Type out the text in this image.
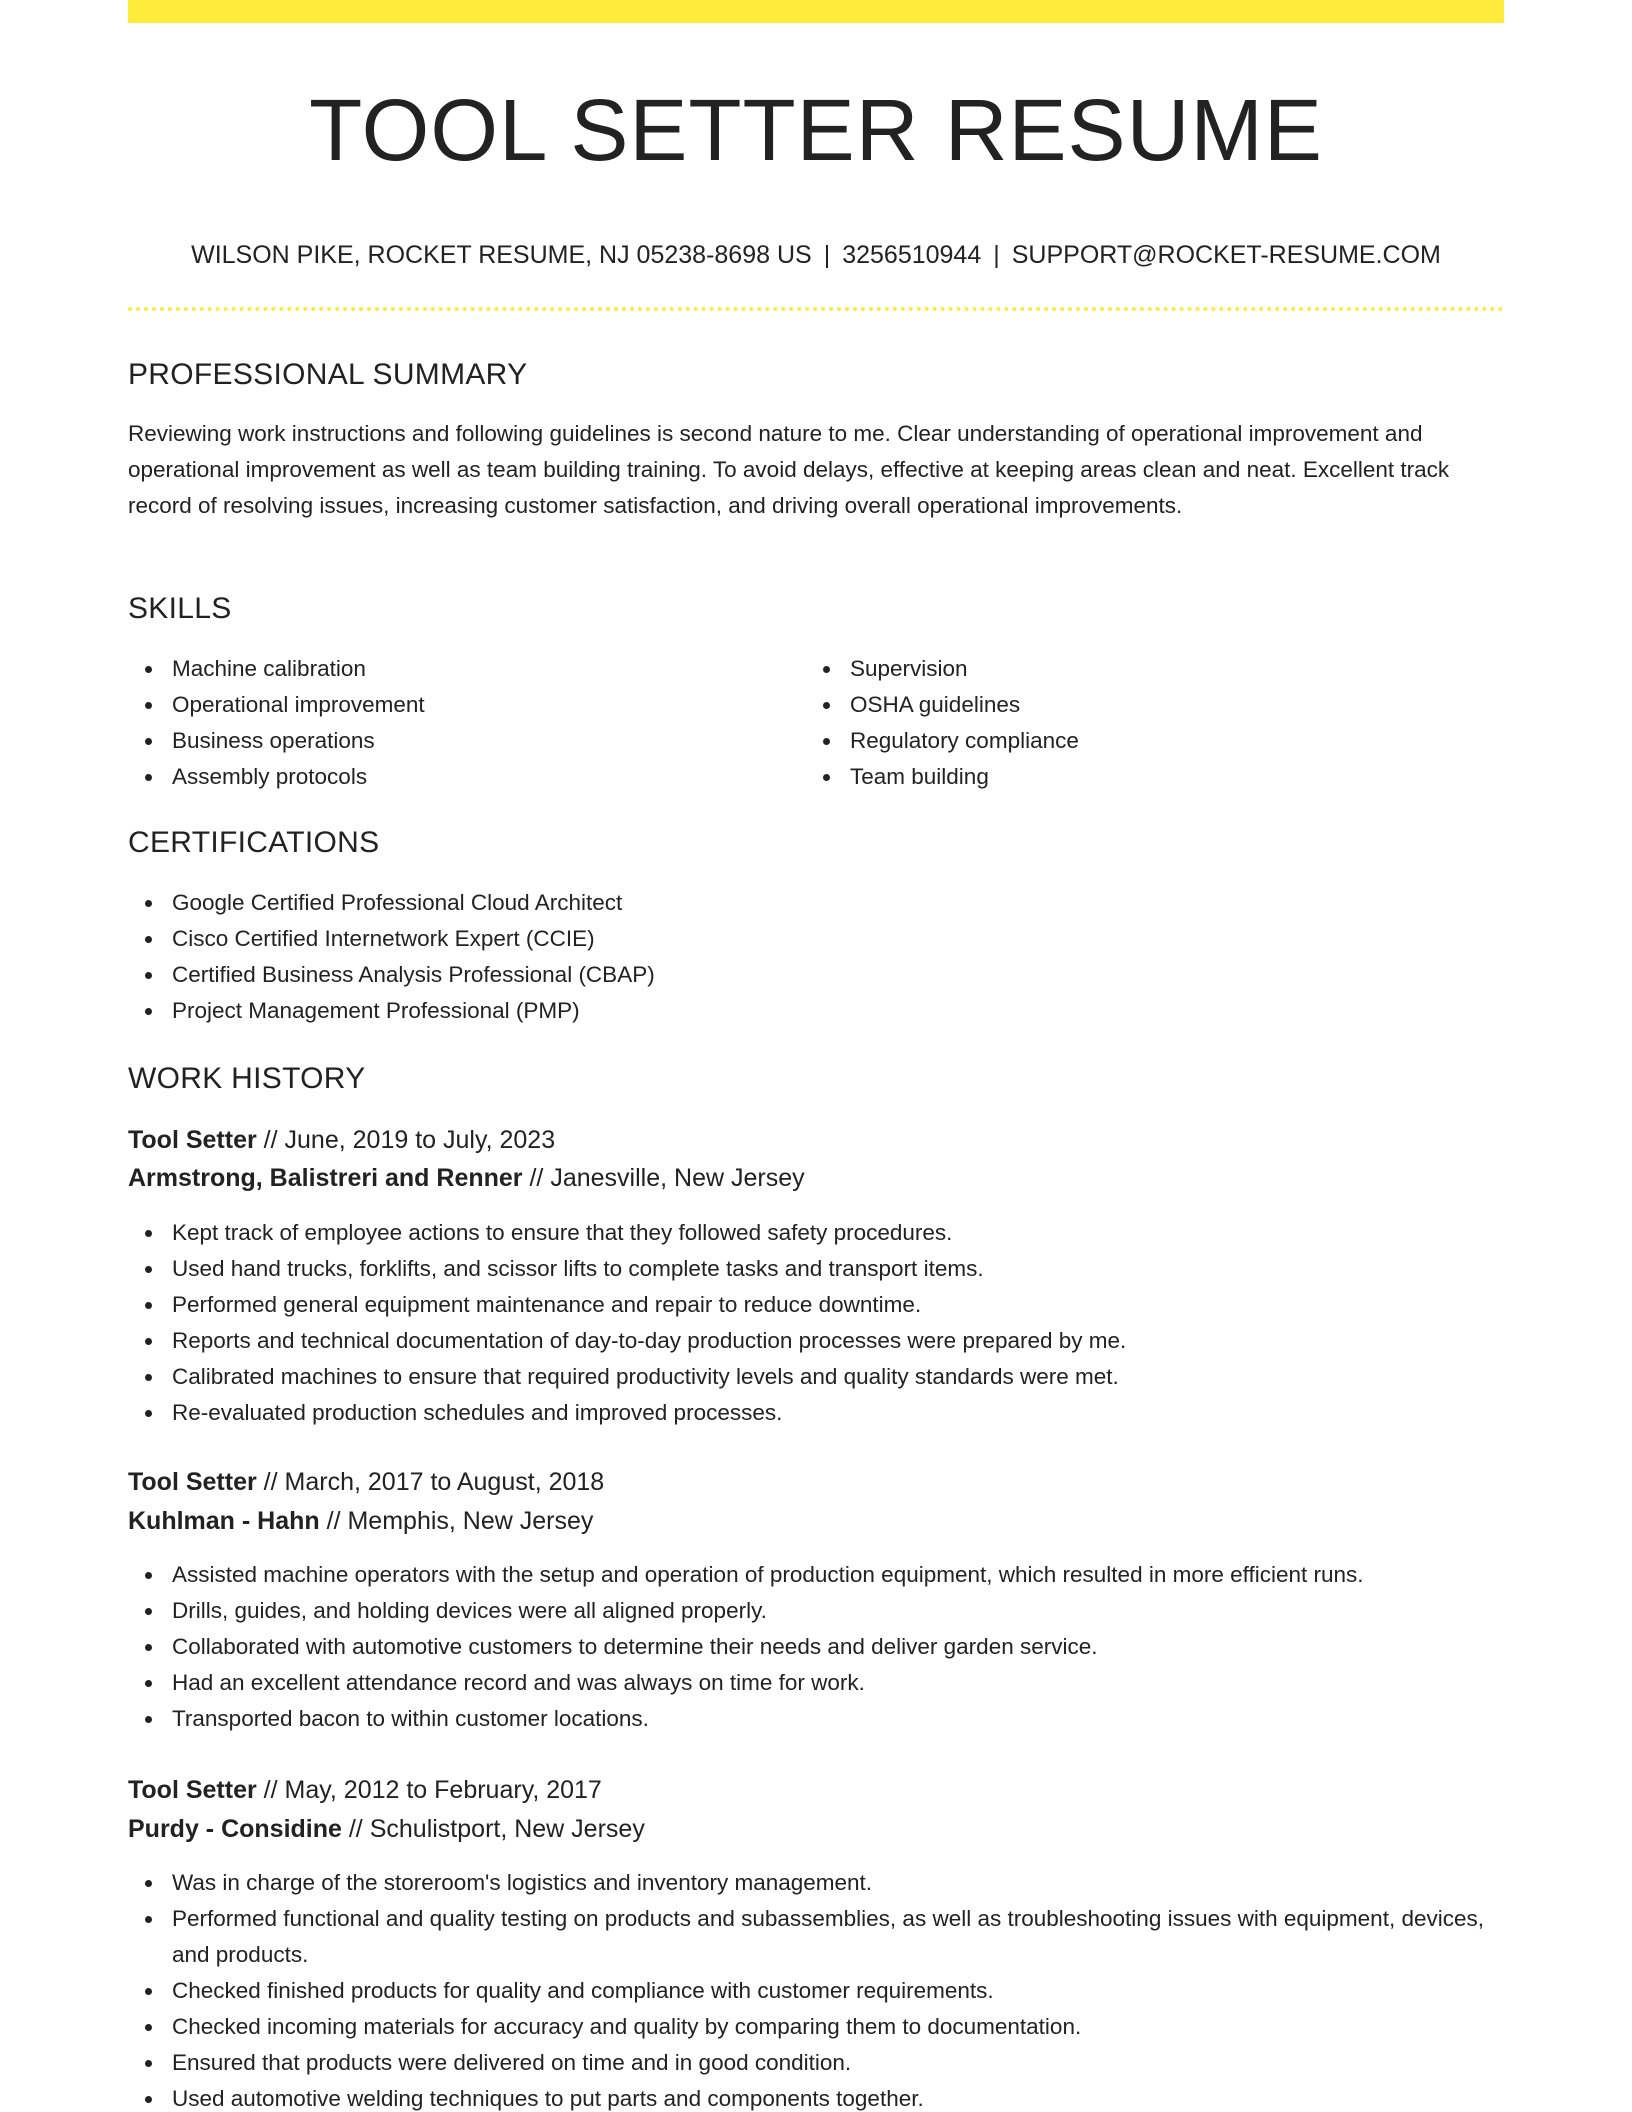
TOOL SETTER RESUME
WILSON PIKE, ROCKET RESUME, NJ 05238-8698 US | 3256510944 | SUPPORT@ROCKET-RESUME.COM
PROFESSIONAL SUMMARY

Reviewing work instructions and following guidelines is second nature to me. Clear understanding of operational improvement and operational improvement as well as team building training. To avoid delays, effective at keeping areas clean and neat. Excellent track record of resolving issues, increasing customer satisfaction, and driving overall operational improvements.

SKILLS
Machine calibration
Operational improvement
Business operations
Assembly protocols
Supervision
OSHA guidelines
Regulatory compliance
Team building
CERTIFICATIONS
Google Certified Professional Cloud Architect
Cisco Certified Internetwork Expert (CCIE)
Certified Business Analysis Professional (CBAP)
Project Management Professional (PMP)
WORK HISTORY
Tool Setter // June, 2019 to July, 2023
Armstrong, Balistreri and Renner // Janesville, New Jersey
Kept track of employee actions to ensure that they followed safety procedures.
Used hand trucks, forklifts, and scissor lifts to complete tasks and transport items.
Performed general equipment maintenance and repair to reduce downtime.
Reports and technical documentation of day-to-day production processes were prepared by me.
Calibrated machines to ensure that required productivity levels and quality standards were met.
Re-evaluated production schedules and improved processes.
Tool Setter // March, 2017 to August, 2018
Kuhlman - Hahn // Memphis, New Jersey
Assisted machine operators with the setup and operation of production equipment, which resulted in more efficient runs.
Drills, guides, and holding devices were all aligned properly.
Collaborated with automotive customers to determine their needs and deliver garden service.
Had an excellent attendance record and was always on time for work.
Transported bacon to within customer locations.
Tool Setter // May, 2012 to February, 2017
Purdy - Considine // Schulistport, New Jersey
Was in charge of the storeroom's logistics and inventory management.
Performed functional and quality testing on products and subassemblies, as well as troubleshooting issues with equipment, devices, and products.
Checked finished products for quality and compliance with customer requirements.
Checked incoming materials for accuracy and quality by comparing them to documentation.
Ensured that products were delivered on time and in good condition.
Used automotive welding techniques to put parts and components together.
